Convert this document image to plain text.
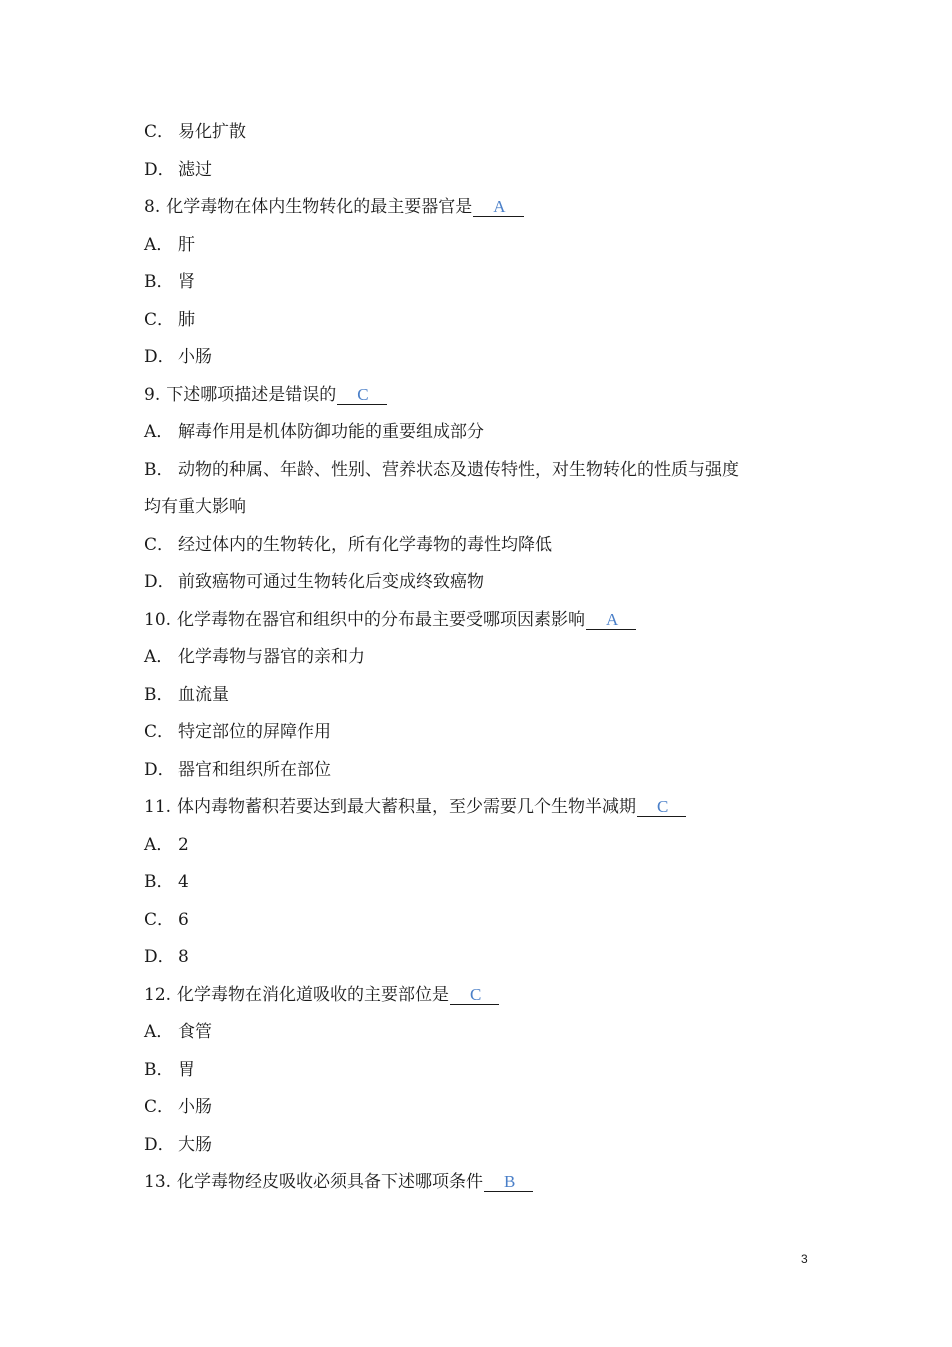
C． 易化扩散
D． 滤过
8. 化学毒物在体内生物转化的最主要器官是 A
A． 肝
B． 肾
C． 肺
D． 小肠
9. 下述哪项描述是错误的 C
A． 解毒作用是机体防御功能的重要组成部分
B． 动物的种属、年龄、性别、营养状态及遗传特性，对生物转化的性质与强度
均有重大影响
C． 经过体内的生物转化，所有化学毒物的毒性均降低
D． 前致癌物可通过生物转化后变成终致癌物
10. 化学毒物在器官和组织中的分布最主要受哪项因素影响 A
A． 化学毒物与器官的亲和力
B． 血流量
C． 特定部位的屏障作用
D． 器官和组织所在部位
11. 体内毒物蓄积若要达到最大蓄积量，至少需要几个生物半减期 C
A． 2
B． 4
C． 6
D． 8
12. 化学毒物在消化道吸收的主要部位是 C
A． 食管
B． 胃
C． 小肠
D． 大肠
13. 化学毒物经皮吸收必须具备下述哪项条件 B
3
